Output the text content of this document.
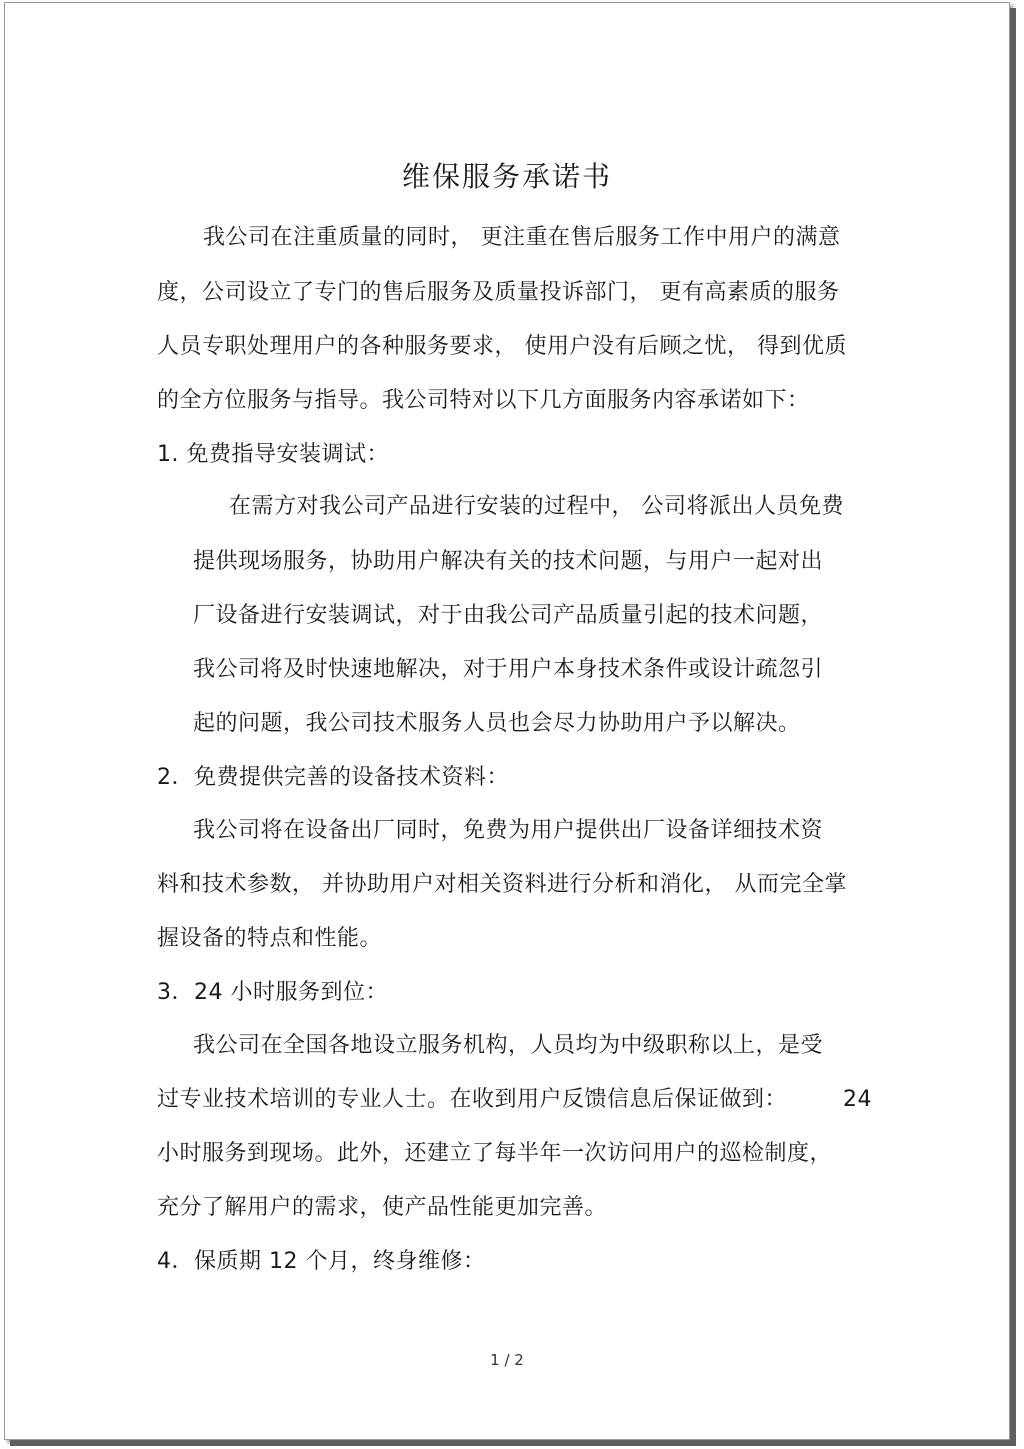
维保服务承诺书
我公司在注重质量的同时， 更注重在售后服务工作中用户的满意
度，公司设立了专门的售后服务及质量投诉部门， 更有高素质的服务
人员专职处理用户的各种服务要求， 使用户没有后顾之忧， 得到优质
的全方位服务与指导。我公司特对以下几方面服务内容承诺如下：
1. 免费指导安装调试：
在需方对我公司产品进行安装的过程中， 公司将派出人员免费
提供现场服务，协助用户解决有关的技术问题，与用户一起对出
厂设备进行安装调试，对于由我公司产品质量引起的技术问题，
我公司将及时快速地解决，对于用户本身技术条件或设计疏忽引
起的问题，我公司技术服务人员也会尽力协助用户予以解决。
2．免费提供完善的设备技术资料：
我公司将在设备出厂同时，免费为用户提供出厂设备详细技术资
料和技术参数， 并协助用户对相关资料进行分析和消化， 从而完全掌
握设备的特点和性能。
3．24 小时服务到位：
我公司在全国各地设立服务机构，人员均为中级职称以上，是受
过专业技术培训的专业人士。在收到用户反馈信息后保证做到：	24
小时服务到现场。此外，还建立了每半年一次访问用户的巡检制度，
充分了解用户的需求，使产品性能更加完善。
4．保质期 12 个月，终身维修：
1 / 2
